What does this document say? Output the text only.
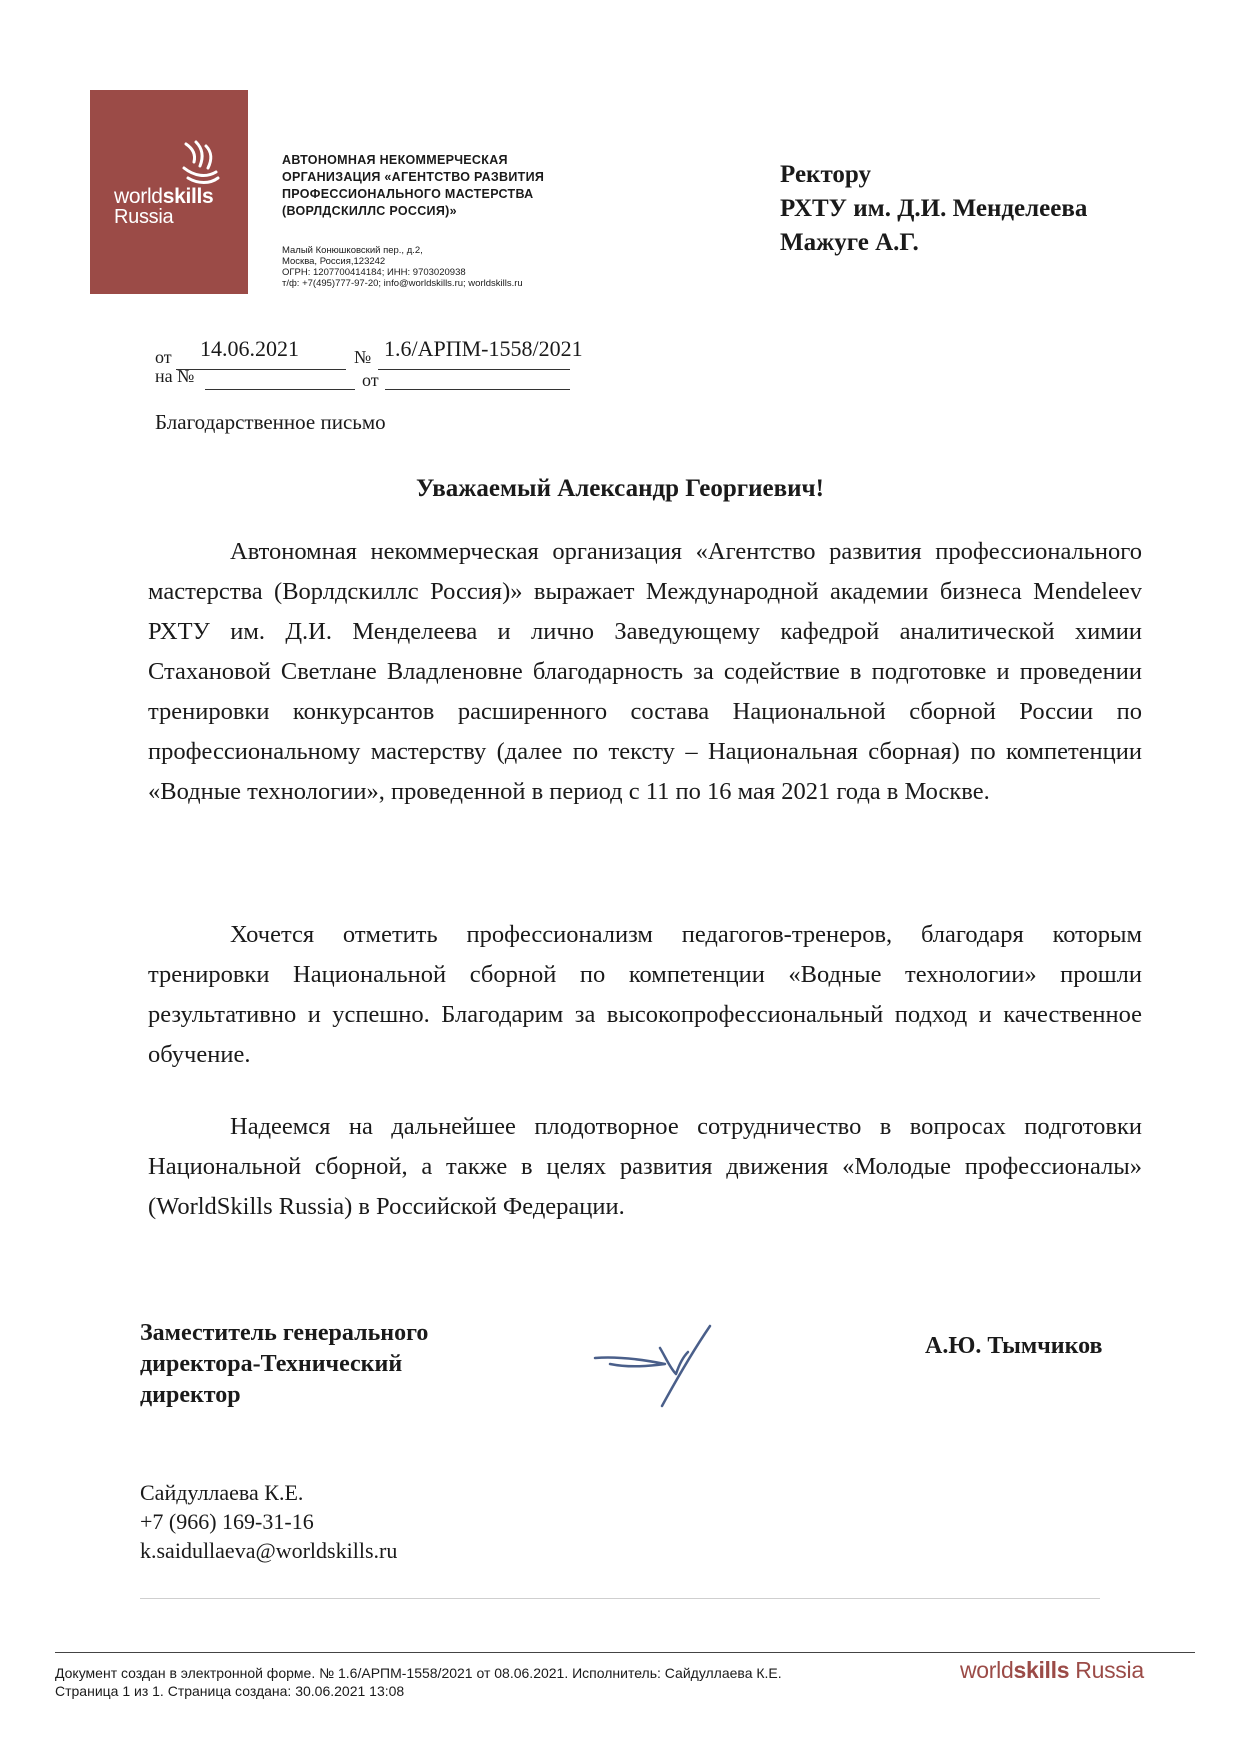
worldskills
Russia
АВТОНОМНАЯ НЕКОММЕРЧЕСКАЯ
ОРГАНИЗАЦИЯ «АГЕНТСТВО РАЗВИТИЯ
ПРОФЕССИОНАЛЬНОГО МАСТЕРСТВА
(ВОРЛДСКИЛЛС РОССИЯ)»
Малый Конюшковский пер., д.2,
Москва, Россия,123242
ОГРН: 1207700414184; ИНН: 9703020938
т/ф: +7(495)777-97-20; info@worldskills.ru; worldskills.ru
Ректору
РХТУ им. Д.И. Менделеева
Мажуге А.Г.
от 14.06.2021	№ 1.6/АРПМ-1558/2021
на №	от
Благодарственное письмо
Уважаемый Александр Георгиевич!
Автономная некоммерческая организация «Агентство развития профессионального мастерства (Ворлдскиллс Россия)» выражает Международной академии бизнеса Mendeleev РХТУ им. Д.И. Менделеева и лично Заведующему кафедрой аналитической химии Стахановой Светлане Владленовне благодарность за содействие в подготовке и проведении тренировки конкурсантов расширенного состава Национальной сборной России по профессиональному мастерству (далее по тексту – Национальная сборная) по компетенции «Водные технологии», проведенной в период с 11 по 16 мая 2021 года в Москве.
Хочется отметить профессионализм педагогов-тренеров, благодаря которым тренировки Национальной сборной по компетенции «Водные технологии» прошли результативно и успешно. Благодарим за высокопрофессиональный подход и качественное обучение.
Надеемся на дальнейшее плодотворное сотрудничество в вопросах подготовки Национальной сборной, а также в целях развития движения «Молодые профессионалы» (WorldSkills Russia) в Российской Федерации.
Заместитель генерального
директора-Технический
директор
А.Ю. Тымчиков
Сайдуллаева К.Е.
+7 (966) 169-31-16
k.saidullaeva@worldskills.ru
Документ создан в электронной форме. № 1.6/АРПМ-1558/2021 от 08.06.2021. Исполнитель: Сайдуллаева К.Е.
Страница 1 из 1. Страница создана: 30.06.2021 13:08
worldskills Russia
